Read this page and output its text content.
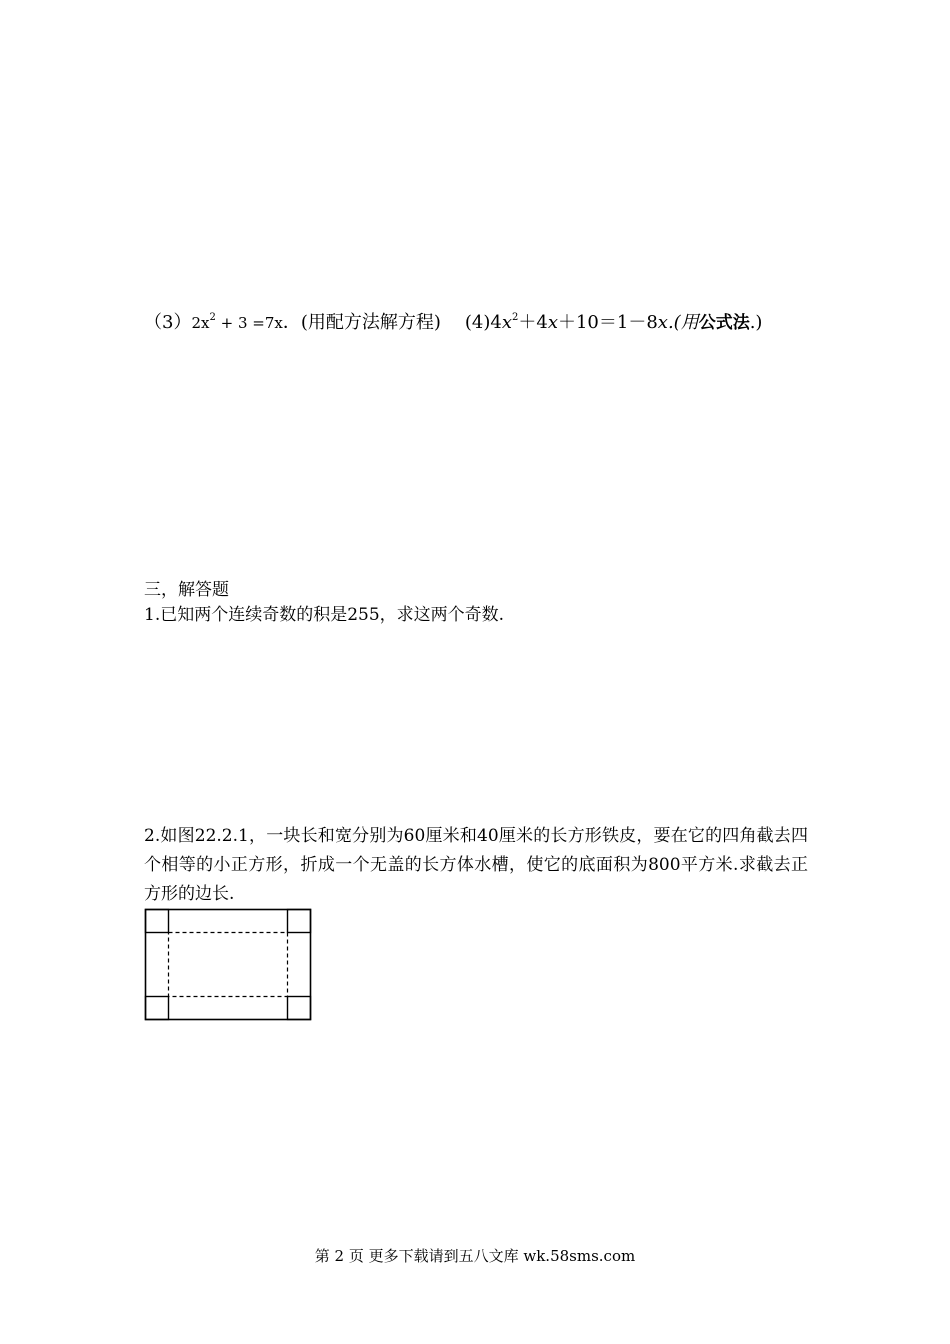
$(3)2x^2 + 3 =7x$．(用配方法解方程) $(4)4x^2+4x+10=1-8x$.(用公式法.)
三，解答题
1.已知两个连续奇数的积是255，求这两个奇数.
2.如图22.2.1，一块长和宽分别为60厘米和40厘米的长方形铁皮，要在它的四角截去四个相等的小正方形，折成一个无盖的长方体水槽，使它的底面积为800平方米.求截去正方形的边长.
第 2 页 更多下载请到五八文库 wk.58sms.com
